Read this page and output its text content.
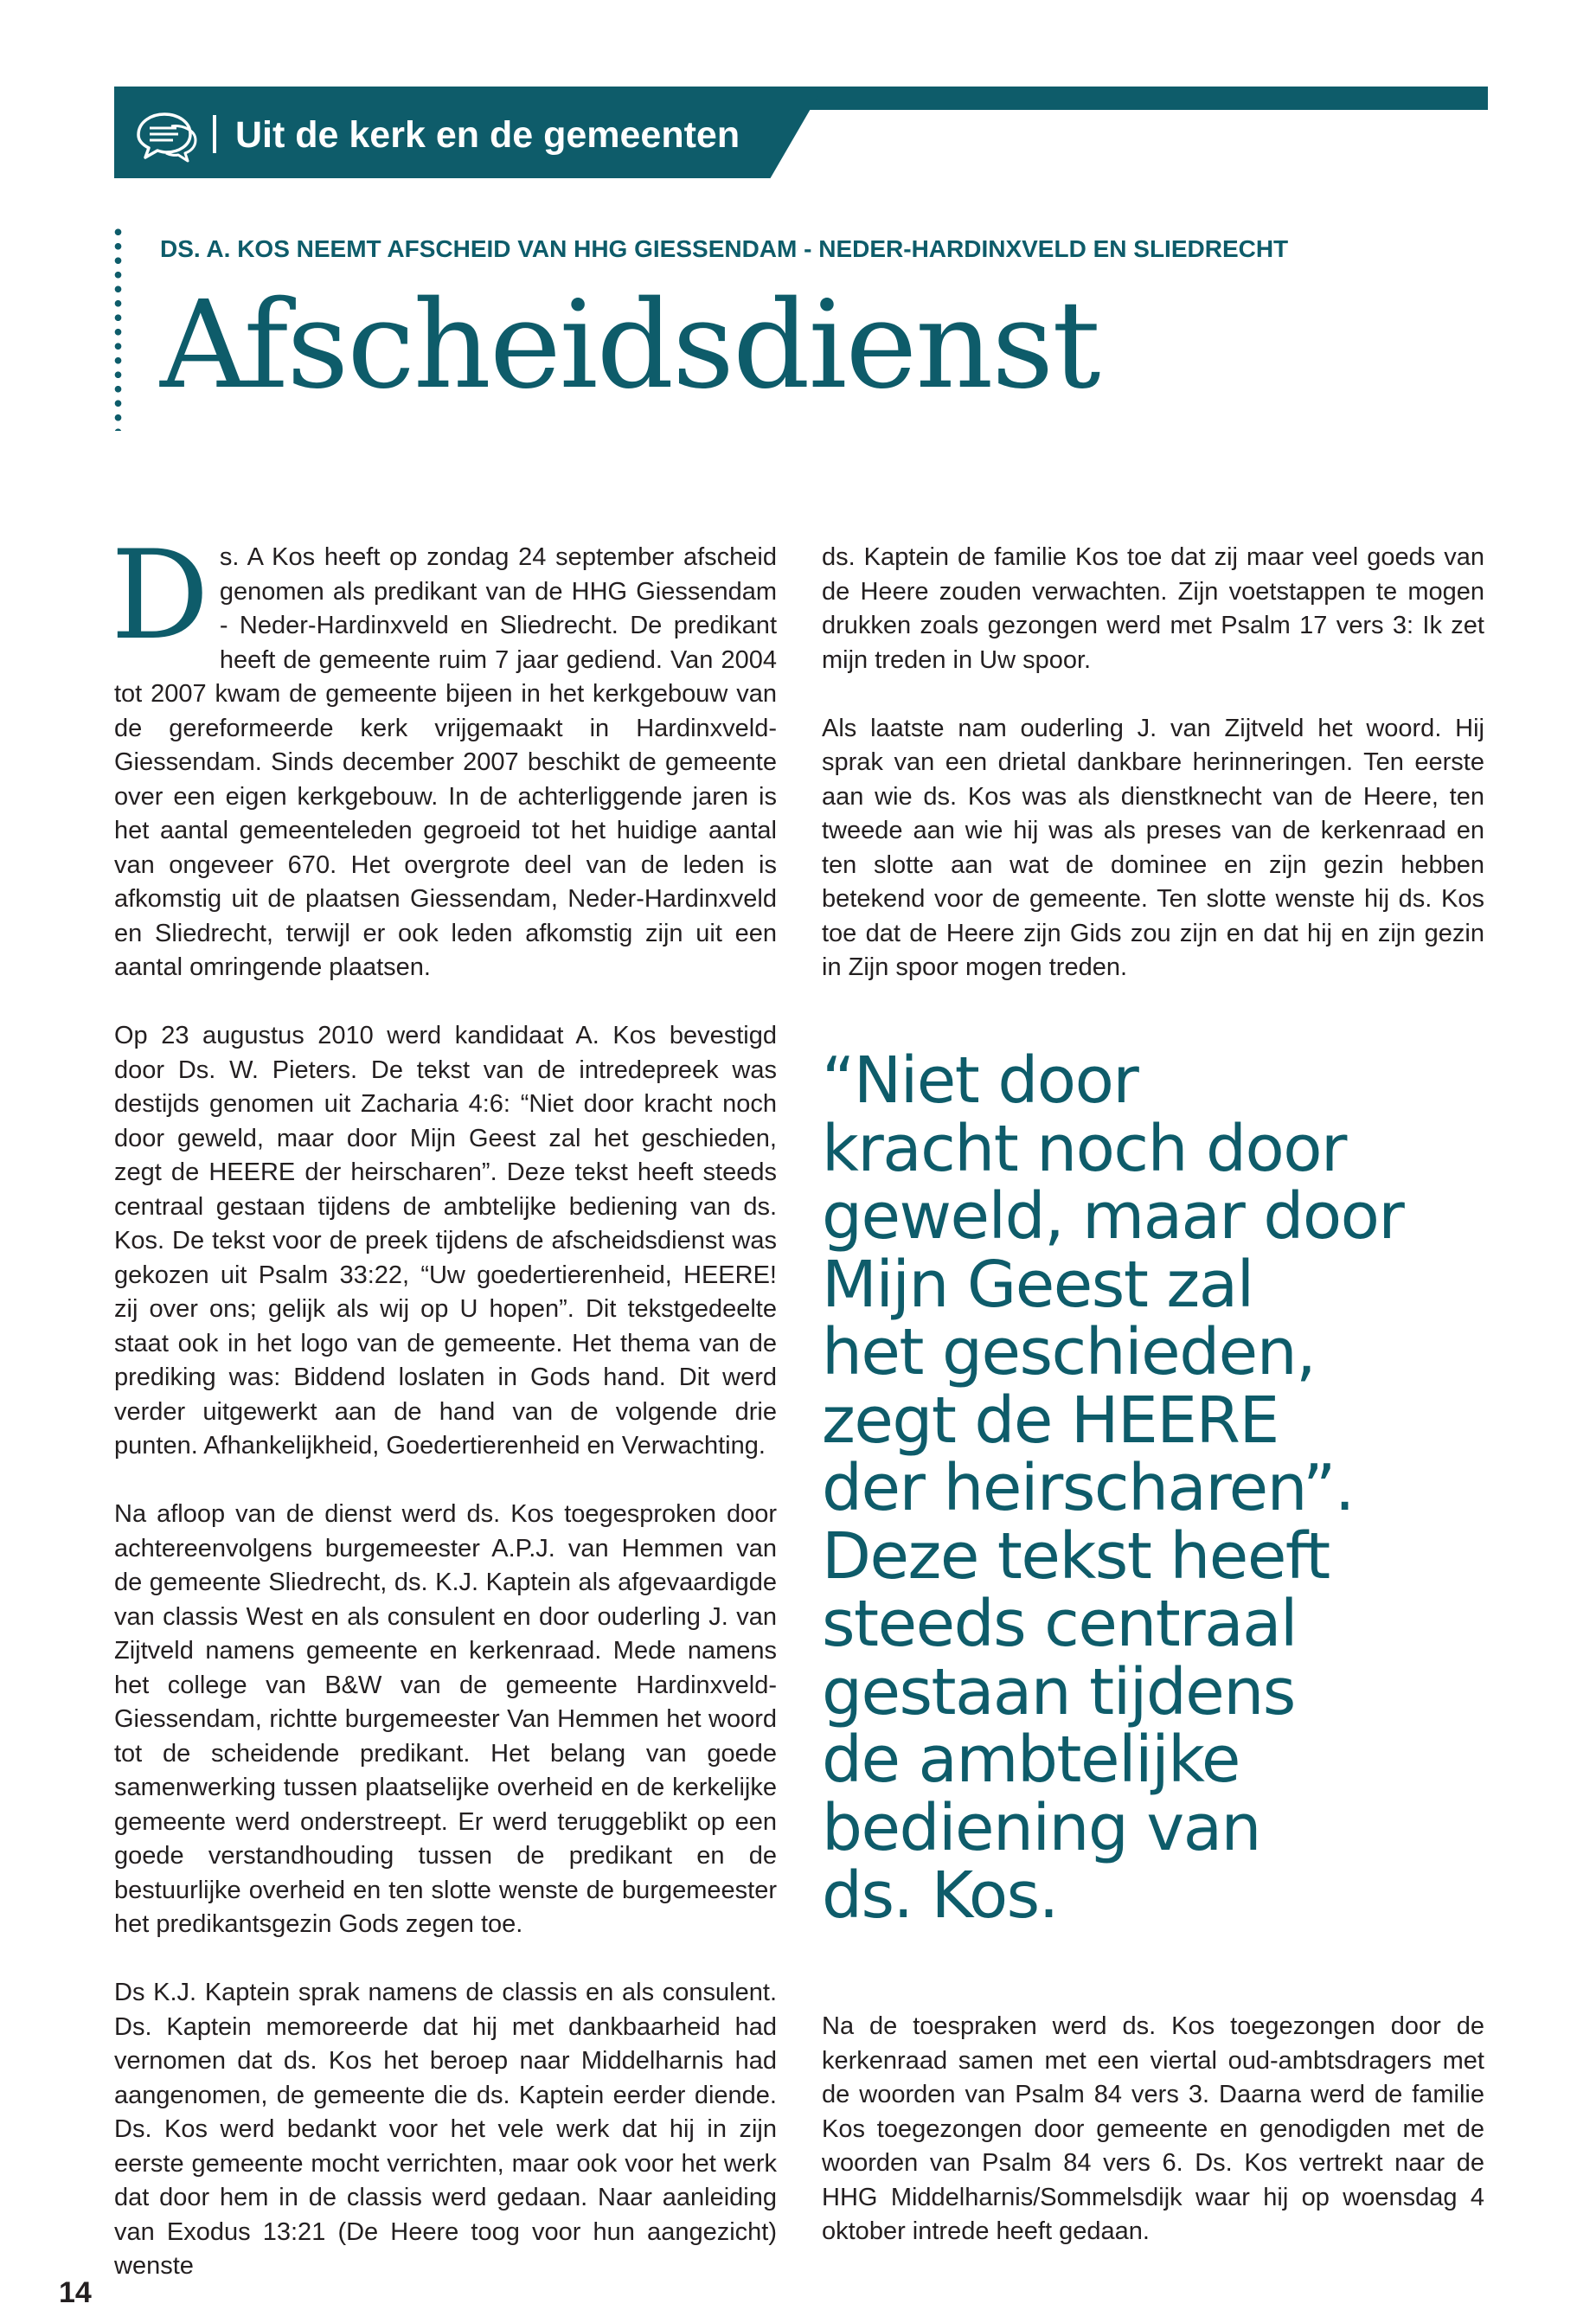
Uit de kerk en de gemeenten
DS. A. KOS NEEMT AFSCHEID VAN HHG GIESSENDAM - NEDER-HARDINXVELD EN SLIEDRECHT
Afscheidsdienst

Ds. A Kos heeft op zondag 24 september afscheid genomen als predikant van de HHG Giessendam - Neder-Hardinxveld en Sliedrecht. De predikant heeft de gemeente ruim 7 jaar gediend. Van 2004 tot 2007 kwam de gemeente bijeen in het kerkgebouw van de gereformeerde kerk vrijgemaakt in Hardinxveld-Giessendam. Sinds december 2007 beschikt de gemeente over een eigen kerkgebouw. In de achterliggende jaren is het aantal gemeenteleden gegroeid tot het huidige aantal van ongeveer 670. Het overgrote deel van de leden is afkomstig uit de plaatsen Giessendam, Neder-Hardinxveld en Sliedrecht, terwijl er ook leden afkomstig zijn uit een aantal omringende plaatsen.

Op 23 augustus 2010 werd kandidaat A. Kos bevestigd door Ds. W. Pieters. De tekst van de intredepreek was destijds genomen uit Zacharia 4:6: “Niet door kracht noch door geweld, maar door Mijn Geest zal het geschieden, zegt de HEERE der heirscharen”. Deze tekst heeft steeds centraal gestaan tijdens de ambtelijke bediening van ds. Kos. De tekst voor de preek tijdens de afscheidsdienst was gekozen uit Psalm 33:22, “Uw goedertierenheid, HEERE! zij over ons; gelijk als wij op U hopen”. Dit tekstgedeelte staat ook in het logo van de gemeente. Het thema van de prediking was: Biddend loslaten in Gods hand. Dit werd verder uitgewerkt aan de hand van de volgende drie punten. Afhankelijkheid, Goedertierenheid en Verwachting.

Na afloop van de dienst werd ds. Kos toegesproken door achtereenvolgens burgemeester A.P.J. van Hemmen van de gemeente Sliedrecht, ds. K.J. Kaptein als afgevaardigde van classis West en als consulent en door ouderling J. van Zijtveld namens gemeente en kerkenraad. Mede namens het college van B&W van de gemeente Hardinxveld-Giessendam, richtte burgemeester Van Hemmen het woord tot de scheidende predikant. Het belang van goede samenwerking tussen plaatselijke overheid en de kerkelijke gemeente werd onderstreept. Er werd teruggeblikt op een goede verstandhouding tussen de predikant en de bestuurlijke overheid en ten slotte wenste de burgemeester het predikantsgezin Gods zegen toe.

Ds K.J. Kaptein sprak namens de classis en als consulent. Ds. Kaptein memoreerde dat hij met dankbaarheid had vernomen dat ds. Kos het beroep naar Middelharnis had aangenomen, de gemeente die ds. Kaptein eerder diende. Ds. Kos werd bedankt voor het vele werk dat hij in zijn eerste gemeente mocht verrichten, maar ook voor het werk dat door hem in de classis werd gedaan. Naar aanleiding van Exodus 13:21 (De Heere toog voor hun aangezicht) wenste

ds. Kaptein de familie Kos toe dat zij maar veel goeds van de Heere zouden verwachten. Zijn voetstappen te mogen drukken zoals gezongen werd met Psalm 17 vers 3: Ik zet mijn treden in Uw spoor.

Als laatste nam ouderling J. van Zijtveld het woord. Hij sprak van een drietal dankbare herinneringen. Ten eerste aan wie ds. Kos was als dienstknecht van de Heere, ten tweede aan wie hij was als preses van de kerkenraad en ten slotte aan wat de dominee en zijn gezin hebben betekend voor de gemeente. Ten slotte wenste hij ds. Kos toe dat de Heere zijn Gids zou zijn en dat hij en zijn gezin in Zijn spoor mogen treden.

“Niet door
kracht noch door
geweld, maar door
Mijn Geest zal
het geschieden,
zegt de HEERE
der heirscharen”.
Deze tekst heeft
steeds centraal
gestaan tijdens
de ambtelijke
bediening van
ds. Kos.

Na de toespraken werd ds. Kos toegezongen door de kerkenraad samen met een viertal oud-ambtsdragers met de woorden van Psalm 84 vers 3. Daarna werd de familie Kos toegezongen door gemeente en genodigden met de woorden van Psalm 84 vers 6. Ds. Kos vertrekt naar de HHG Middelharnis/Sommelsdijk waar hij op woensdag 4 oktober intrede heeft gedaan.

14
